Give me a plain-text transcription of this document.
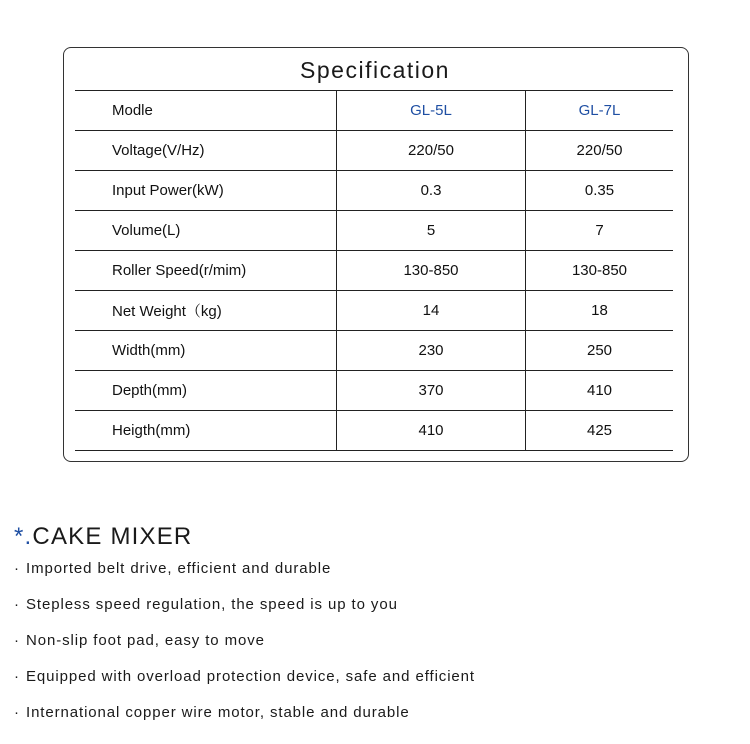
Specification
Modle	GL-5L	GL-7L
Voltage(V/Hz)	220/50	220/50
Input Power(kW)	0.3	0.35
Volume(L)	5	7
Roller Speed(r/mim)	130-850	130-850
Net Weight（kg)	14	18
Width(mm)	230	250
Depth(mm)	370	410
Heigth(mm)	410	425
*.CAKE MIXER
· Imported belt drive, efficient and durable
· Stepless speed regulation, the speed is up to you
· Non-slip foot pad, easy to move
· Equipped with overload protection device, safe and efficient
· International copper wire motor, stable and durable
